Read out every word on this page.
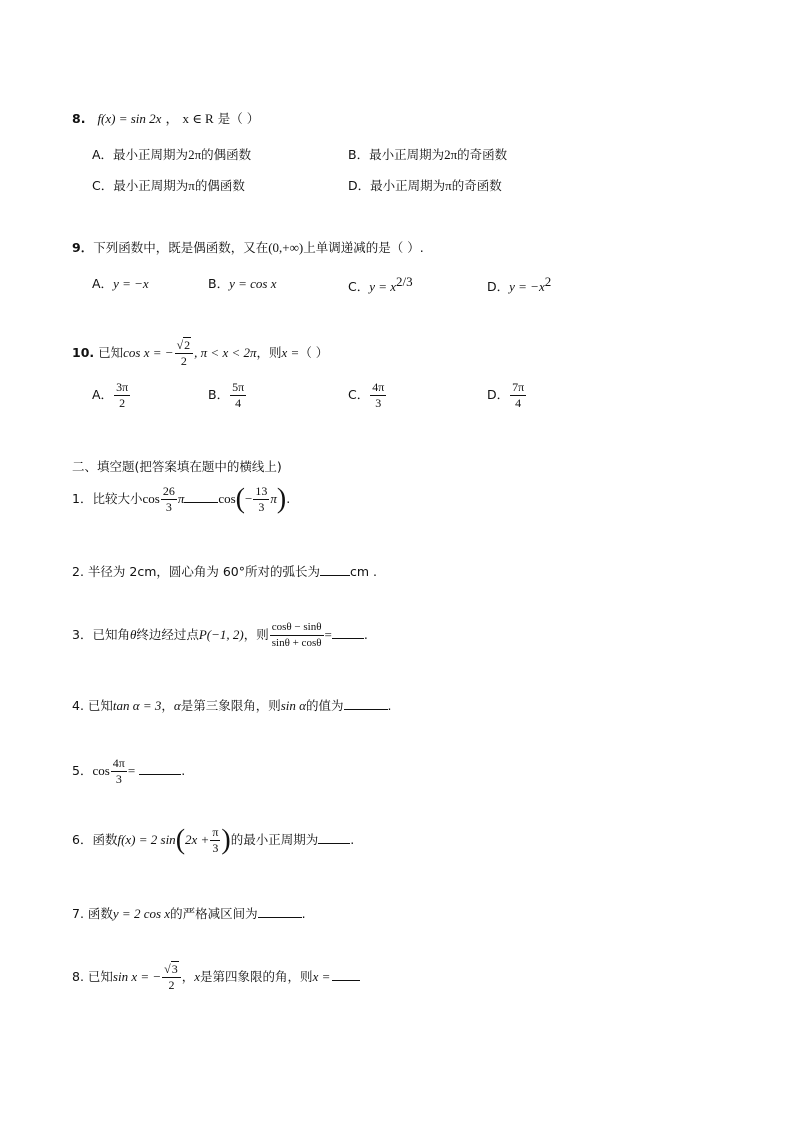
8. f(x) = sin 2x ， x ∈ R 是（ ）
A．最小正周期为2π的偶函数	B．最小正周期为2π的奇函数
C．最小正周期为π的偶函数	D．最小正周期为π的奇函数
9．下列函数中，既是偶函数，又在(0,+∞)上单调递减的是（ ）.
A．y = −x	B．y = cos x	C．$y = x^{2/3}$	D．$y = -x^2$
10. 已知cos x = − $\frac{√2}{2}$ , π < x < 2π，则x =（ ）
A． $\frac{3\pi}{2}$	B． $\frac{5\pi}{4}$	C． $\frac{4\pi}{3}$	D． $\frac{7\pi}{4}$
二、填空题(把答案填在题中的横线上)
1．比较大小$\cos \frac{26}{3}$ π	$\cos(- \frac{13}{3} \pi)$.
2. 半径为 2cm，圆心角为 60°所对的弧长为 cm .
3．已知角θ终边经过点P(−1, 2)，则 $\frac{\cos\theta - \sin\theta}{\sin\theta + \cos\theta}$ =	.
4. 已知tan α = 3，α是第三象限角，则sin α的值为	.
5．$\cos \frac{4\pi}{3}$ =	.
6．函数f(x) = 2 $\sin(2x + \frac{\pi}{3}$ )的最小正周期为	.
7. 函数y = 2 cos x的严格减区间为	.
8. 已知sin x = − $\frac{√3}{2}$ ，x是第四象限的角，则x =
